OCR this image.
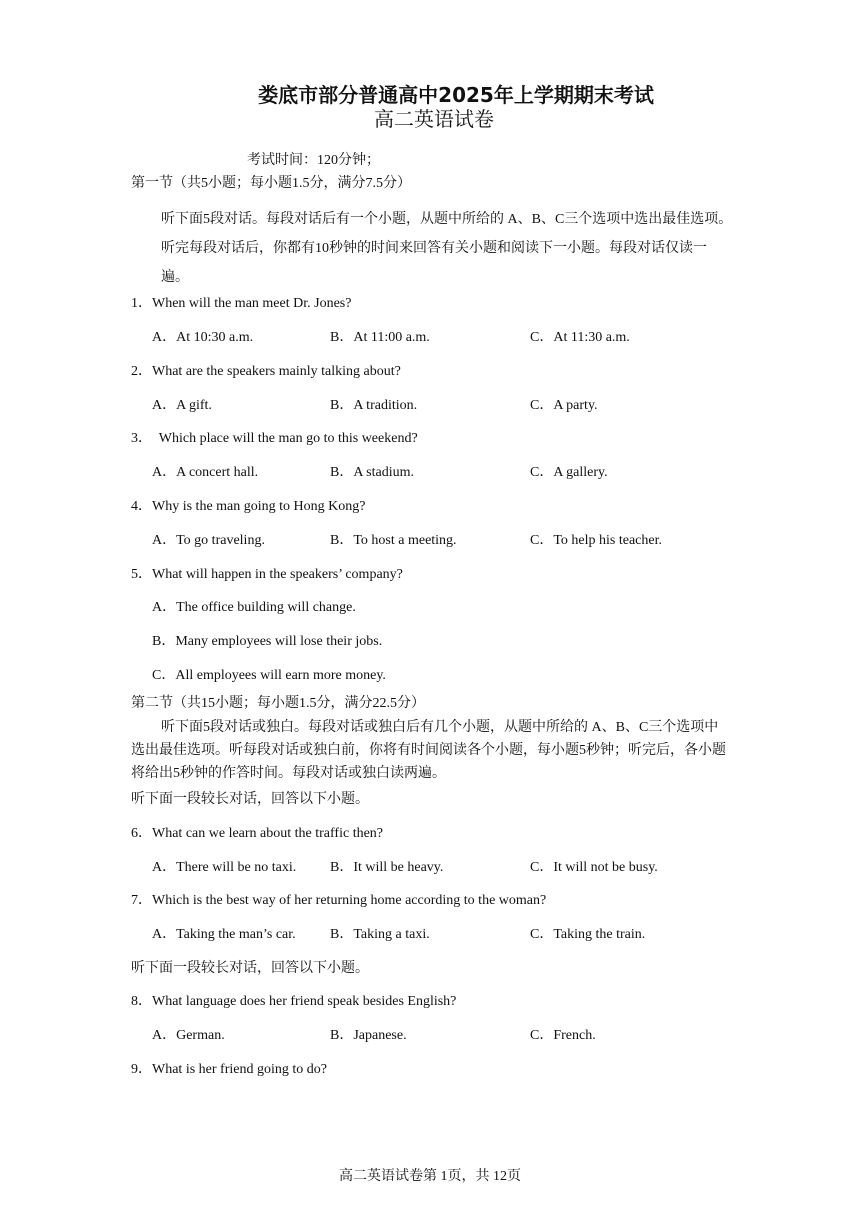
娄底市部分普通高中2025年上学期期末考试
高二英语试卷
考试时间：120分钟；
第一节（共5小题；每小题1.5分，满分7.5分）
听下面5段对话。每段对话后有一个小题，从题中所给的 A、B、C三个选项中选出最佳选项。听完每段对话后，你都有10秒钟的时间来回答有关小题和阅读下一小题。每段对话仅读一遍。
1．When will the man meet Dr. Jones?
A．At 10:30 a.m.	B．At 11:00 a.m.	C．At 11:30 a.m.
2．What are the speakers mainly talking about?
A．A gift.	B．A tradition.	C．A party.
3．  Which place will the man go to this weekend?
A．A concert hall.	B．A stadium.	C．A gallery.
4．Why is the man going to Hong Kong?
A．To go traveling.	B．To host a meeting.	C．To help his teacher.
5．What will happen in the speakers’ company?
A．The office building will change.
B．Many employees will lose their jobs.
C．All employees will earn more money.
第二节（共15小题；每小题1.5分，满分22.5分）
听下面5段对话或独白。每段对话或独白后有几个小题，从题中所给的 A、B、C三个选项中选出最佳选项。听每段对话或独白前，你将有时间阅读各个小题，每小题5秒钟；听完后，各小题将给出5秒钟的作答时间。每段对话或独白读两遍。
听下面一段较长对话，回答以下小题。
6．What can we learn about the traffic then?
A．There will be no taxi. B．It will be heavy.	C．It will not be busy.
7．Which is the best way of her returning home according to the woman?
A．Taking the man’s car. B．Taking a taxi.	C．Taking the train.
听下面一段较长对话，回答以下小题。
8．What language does her friend speak besides English?
A．German.	B．Japanese.	C．French.
9．What is her friend going to do?
高二英语试卷第 1页，共 12页
